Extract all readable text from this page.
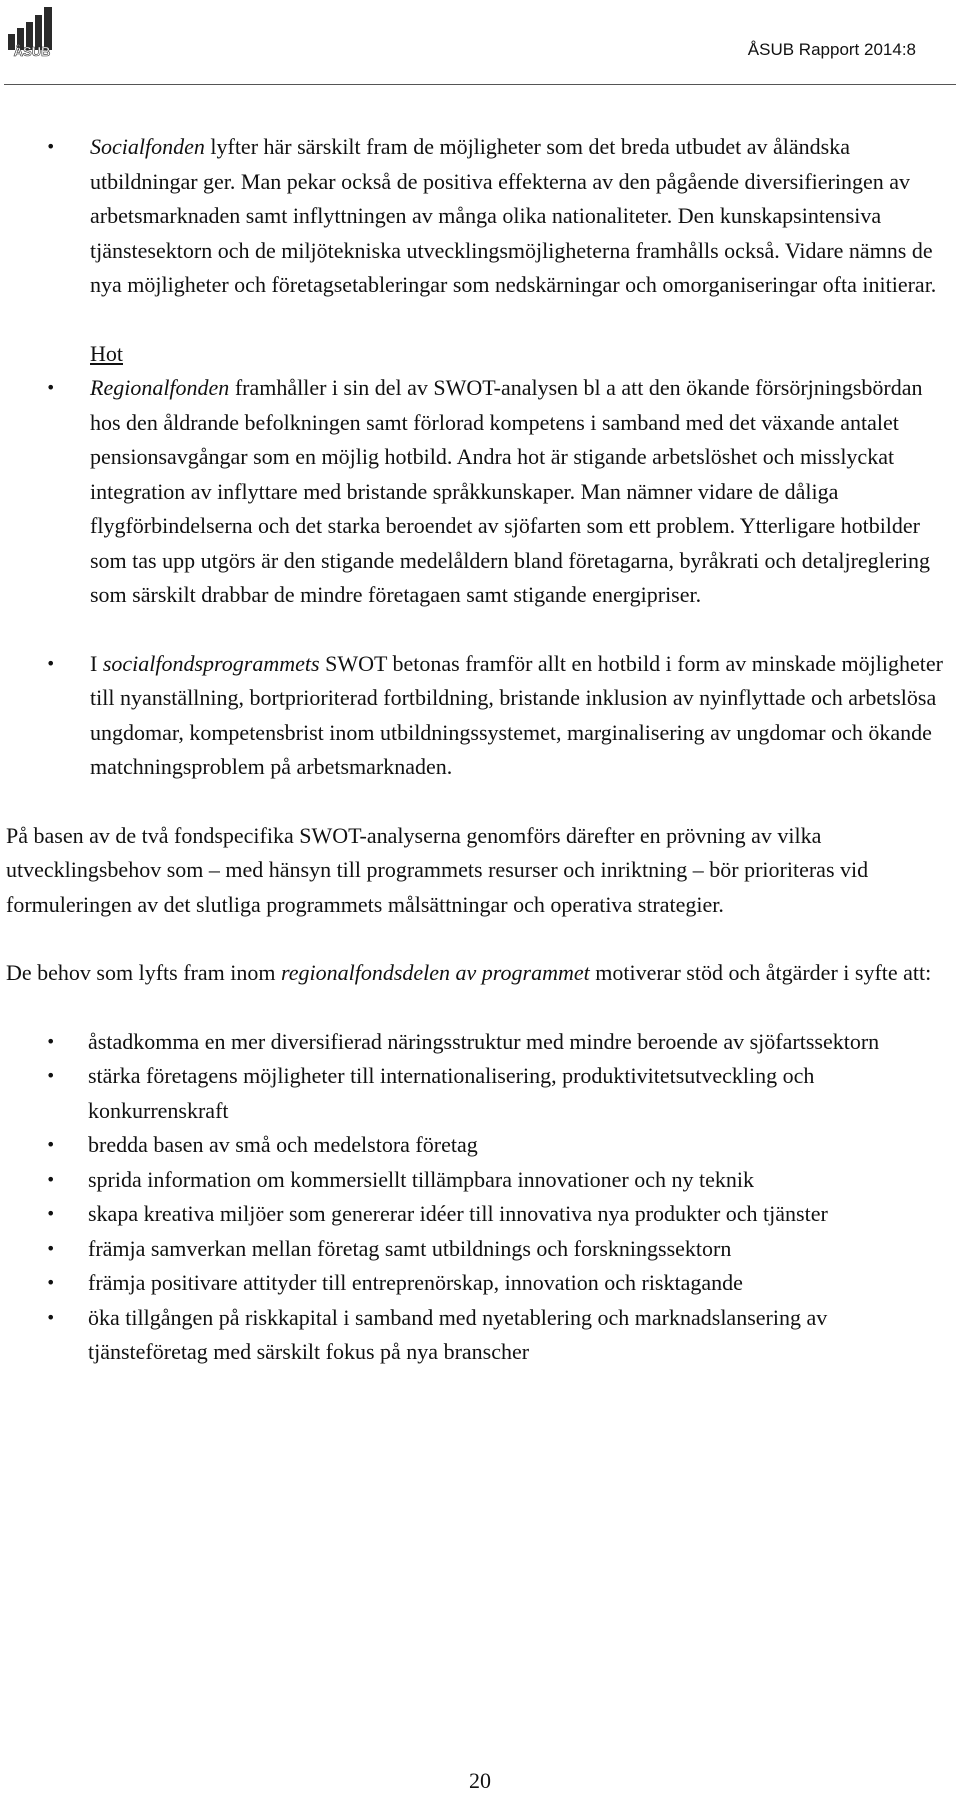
ÅSUB	ÅSUB Rapport 2014:8
• Socialfonden lyfter här särskilt fram de möjligheter som det breda utbudet av åländska utbildningar ger. Man pekar också de positiva effekterna av den pågående diversifieringen av arbetsmarknaden samt inflyttningen av många olika nationaliteter. Den kunskapsintensiva tjänstesektorn och de miljötekniska utvecklingsmöjligheterna framhålls också. Vidare nämns de nya möjligheter och företagsetableringar som nedskärningar och omorganiseringar ofta initierar.
Hot
• Regionalfonden framhåller i sin del av SWOT-analysen bl a att den ökande försörjningsbördan hos den åldrande befolkningen samt förlorad kompetens i samband med det växande antalet pensionsavgångar som en möjlig hotbild. Andra hot är stigande arbetslöshet och misslyckat integration av inflyttare med bristande språkkunskaper. Man nämner vidare de dåliga flygförbindelserna och det starka beroendet av sjöfarten som ett problem. Ytterligare hotbilder som tas upp utgörs är den stigande medelåldern bland företagarna, byråkrati och detaljreglering som särskilt drabbar de mindre företagaen samt stigande energipriser.
• I socialfondsprogrammets SWOT betonas framför allt en hotbild i form av minskade möjligheter till nyanställning, bortprioriterad fortbildning, bristande inklusion av nyinflyttade och arbetslösa ungdomar, kompetensbrist inom utbildningssystemet, marginalisering av ungdomar och ökande matchningsproblem på arbetsmarknaden.

På basen av de två fondspecifika SWOT-analyserna genomförs därefter en prövning av vilka utvecklingsbehov som – med hänsyn till programmets resurser och inriktning – bör prioriteras vid formuleringen av det slutliga programmets målsättningar och operativa strategier.

De behov som lyfts fram inom regionalfondsdelen av programmet motiverar stöd och åtgärder i syfte att:

• åstadkomma en mer diversifierad näringsstruktur med mindre beroende av sjöfartssektorn
• stärka företagens möjligheter till internationalisering, produktivitetsutveckling och konkurrenskraft
• bredda basen av små och medelstora företag
• sprida information om kommersiellt tillämpbara innovationer och ny teknik
• skapa kreativa miljöer som genererar idéer till innovativa nya produkter och tjänster
• främja samverkan mellan företag samt utbildnings och forskningssektorn
• främja positivare attityder till entreprenörskap, innovation och risktagande
• öka tillgången på riskkapital i samband med nyetablering och marknadslansering av tjänsteföretag med särskilt fokus på nya branscher
20
